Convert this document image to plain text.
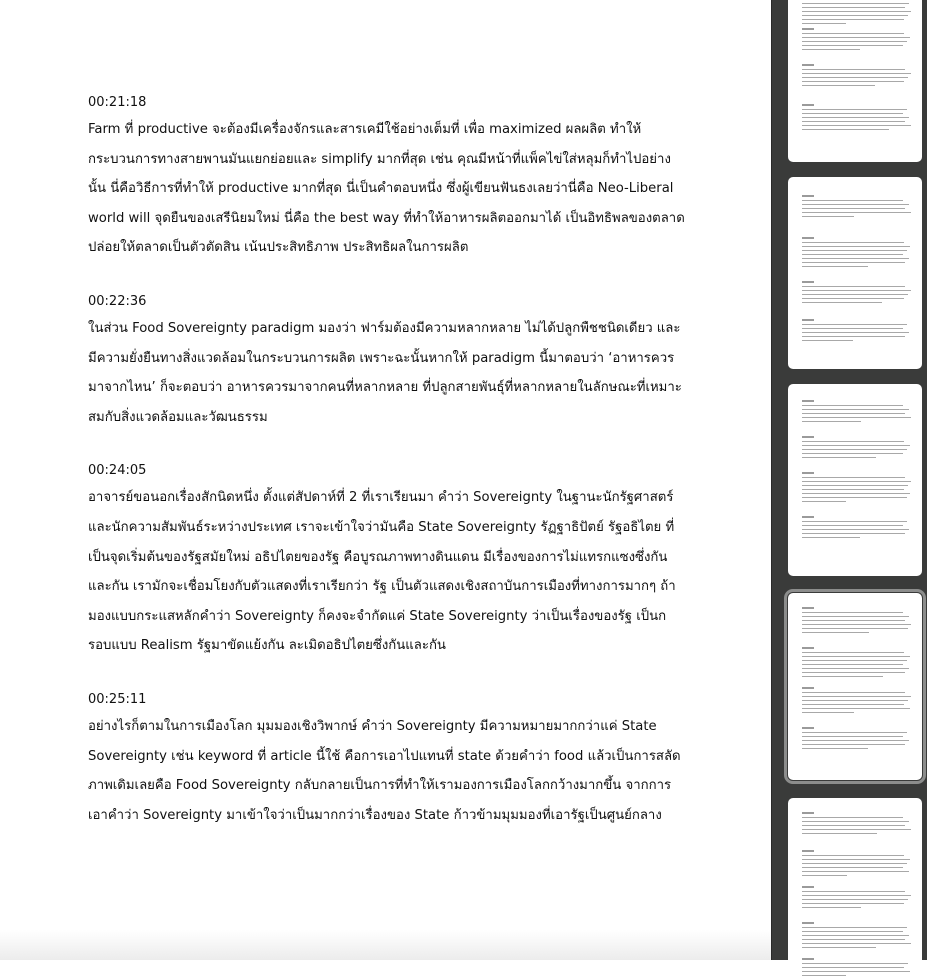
00:21:18

Farm ที่ productive จะต้องมีเครื่องจักรและสารเคมีใช้อย่างเต็มที่ เพื่อ maximized ผลผลิต ทำให้กระบวนการทางสายพานมันแยกย่อยและ simplify มากที่สุด เช่น คุณมีหน้าที่แพ็คไข่ใส่หลุมก็ทำไปอย่างนั้น นี่คือวิธีการที่ทำให้ productive มากที่สุด นี่เป็นคำตอบหนึ่ง ซึ่งผู้เขียนฟันธงเลยว่านี่คือ Neo-Liberal world will จุดยืนของเสรีนิยมใหม่ นี่คือ the best way ที่ทำให้อาหารผลิตออกมาได้ เป็นอิทธิพลของตลาด ปล่อยให้ตลาดเป็นตัวตัดสิน เน้นประสิทธิภาพ ประสิทธิผลในการผลิต

00:22:36

ในส่วน Food Sovereignty paradigm มองว่า ฟาร์มต้องมีความหลากหลาย ไม่ได้ปลูกพืชชนิดเดียว และมีความยั่งยืนทางสิ่งแวดล้อมในกระบวนการผลิต เพราะฉะนั้นหากให้ paradigm นี้มาตอบว่า ‘อาหารควรมาจากไหน’ ก็จะตอบว่า อาหารควรมาจากคนที่หลากหลาย ที่ปลูกสายพันธุ์ที่หลากหลายในลักษณะที่เหมาะสมกับสิ่งแวดล้อมและวัฒนธรรม

00:24:05

อาจารย์ขอนอกเรื่องสักนิดหนึ่ง ตั้งแต่สัปดาห์ที่ 2 ที่เราเรียนมา คำว่า Sovereignty ในฐานะนักรัฐศาสตร์และนักความสัมพันธ์ระหว่างประเทศ เราจะเข้าใจว่ามันคือ State Sovereignty รัฏฐาธิปัตย์ รัฐอธิไตย ที่เป็นจุดเริ่มต้นของรัฐสมัยใหม่ อธิปไตยของรัฐ คือบูรณภาพทางดินแดน มีเรื่องของการไม่แทรกแซงซึ่งกันและกัน เรามักจะเชื่อมโยงกับตัวแสดงที่เราเรียกว่า รัฐ เป็นตัวแสดงเชิงสถาบันการเมืองที่ทางการมากๆ ถ้ามองแบบกระแสหลักคำว่า Sovereignty ก็คงจะจำกัดแค่ State Sovereignty ว่าเป็นเรื่องของรัฐ เป็นกรอบแบบ Realism รัฐมาขัดแย้งกัน ละเมิดอธิปไตยซึ่งกันและกัน

00:25:11

อย่างไรก็ตามในการเมืองโลก มุมมองเชิงวิพากษ์ คำว่า Sovereignty มีความหมายมากกว่าแค่ State Sovereignty เช่น keyword ที่ article นี้ใช้ คือการเอาไปแทนที่ state ด้วยคำว่า food แล้วเป็นการสลัดภาพเดิมเลยคือ Food Sovereignty กลับกลายเป็นการที่ทำให้เรามองการเมืองโลกกว้างมากขึ้น จากการเอาคำว่า Sovereignty มาเข้าใจว่าเป็นมากกว่าเรื่องของ State ก้าวข้ามมุมมองที่เอารัฐเป็นศูนย์กลาง
